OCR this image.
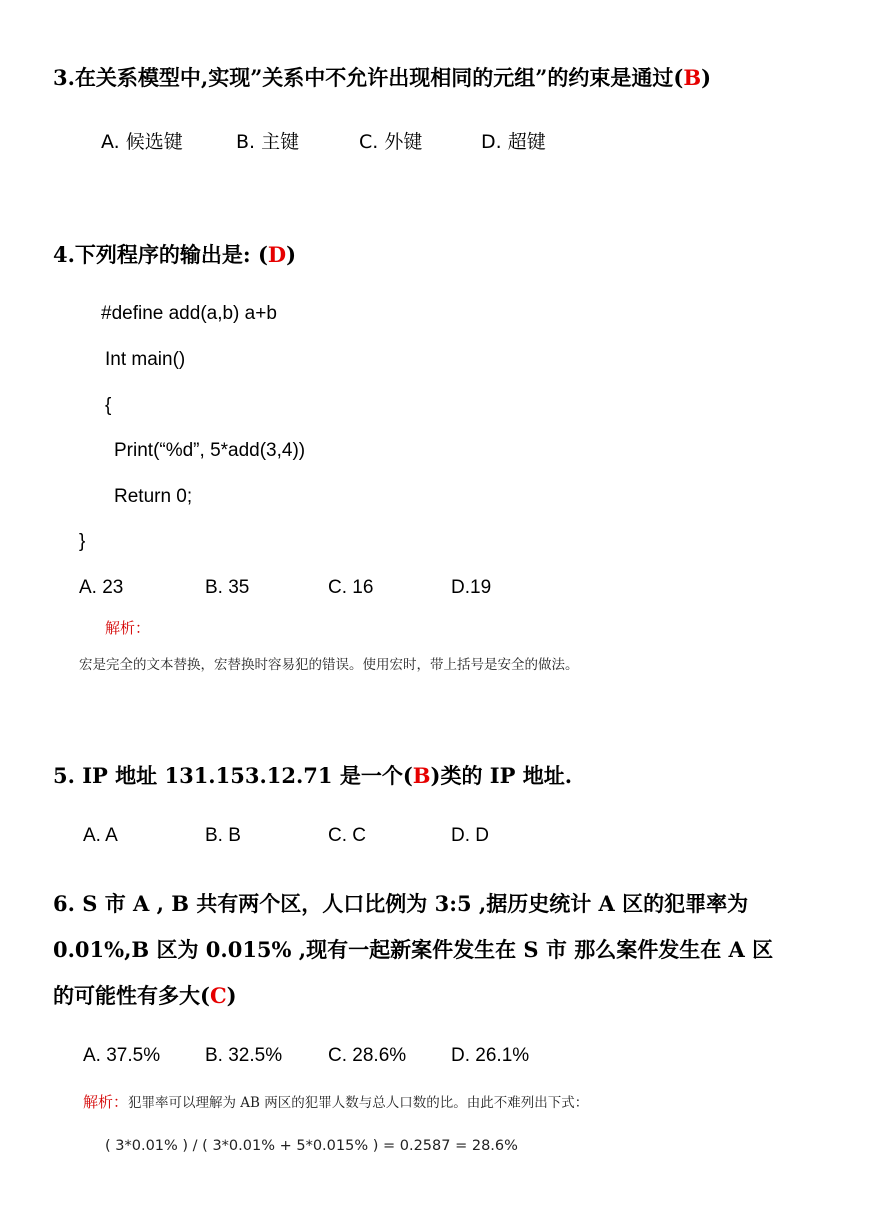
3.在关系模型中,实现”关系中不允许出现相同的元组”的约束是通过(B)
A. 候选键	B. 主键	C. 外键	D. 超键
4.下列程序的输出是: (D)
#define add(a,b) a+b
Int main()
{
Print(“%d”, 5*add(3,4))
Return 0;
}
A. 23	B. 35	C. 16	D.19
解析：
宏是完全的文本替换，宏替换时容易犯的错误。使用宏时，带上括号是安全的做法。
5. IP 地址 131.153.12.71 是一个(B)类的 IP 地址.
A. A	B. B	C. C	D. D
6. S 市 A , B 共有两个区，人口比例为 3:5 ,据历史统计 A 区的犯罪率为
0.01%,B 区为 0.015% ,现有一起新案件发生在 S 市 那么案件发生在 A 区
的可能性有多大(C)
A. 37.5% B. 32.5% C. 28.6% D. 26.1%
解析：犯罪率可以理解为 AB 两区的犯罪人数与总人口数的比。由此不难列出下式：
( 3*0.01% ) / ( 3*0.01% + 5*0.015% ) = 0.2587 = 28.6%
